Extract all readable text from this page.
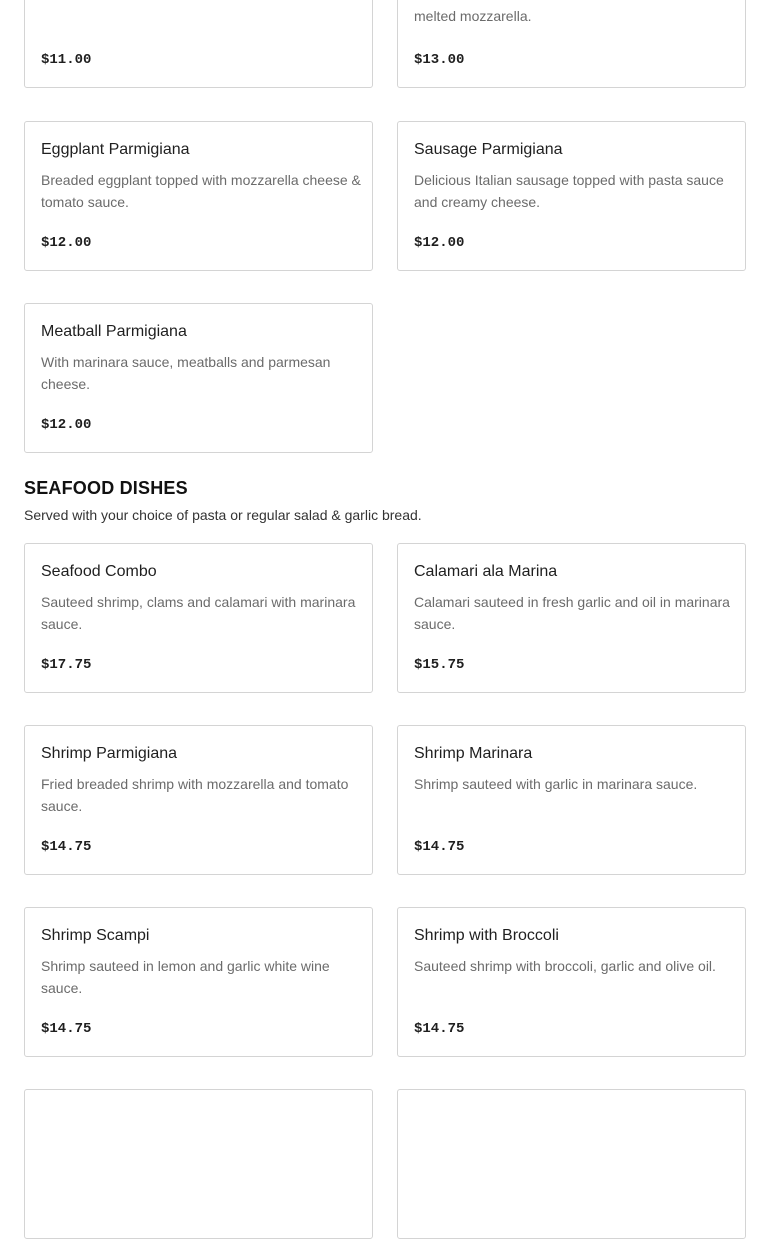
$11.00
melted mozzarella.
$13.00
Eggplant Parmigiana
Breaded eggplant topped with mozzarella cheese & tomato sauce.
$12.00
Sausage Parmigiana
Delicious Italian sausage topped with pasta sauce and creamy cheese.
$12.00
Meatball Parmigiana
With marinara sauce, meatballs and parmesan cheese.
$12.00
SEAFOOD DISHES
Served with your choice of pasta or regular salad & garlic bread.
Seafood Combo
Sauteed shrimp, clams and calamari with marinara sauce.
$17.75
Calamari ala Marina
Calamari sauteed in fresh garlic and oil in marinara sauce.
$15.75
Shrimp Parmigiana
Fried breaded shrimp with mozzarella and tomato sauce.
$14.75
Shrimp Marinara
Shrimp sauteed with garlic in marinara sauce.
$14.75
Shrimp Scampi
Shrimp sauteed in lemon and garlic white wine sauce.
$14.75
Shrimp with Broccoli
Sauteed shrimp with broccoli, garlic and olive oil.
$14.75
